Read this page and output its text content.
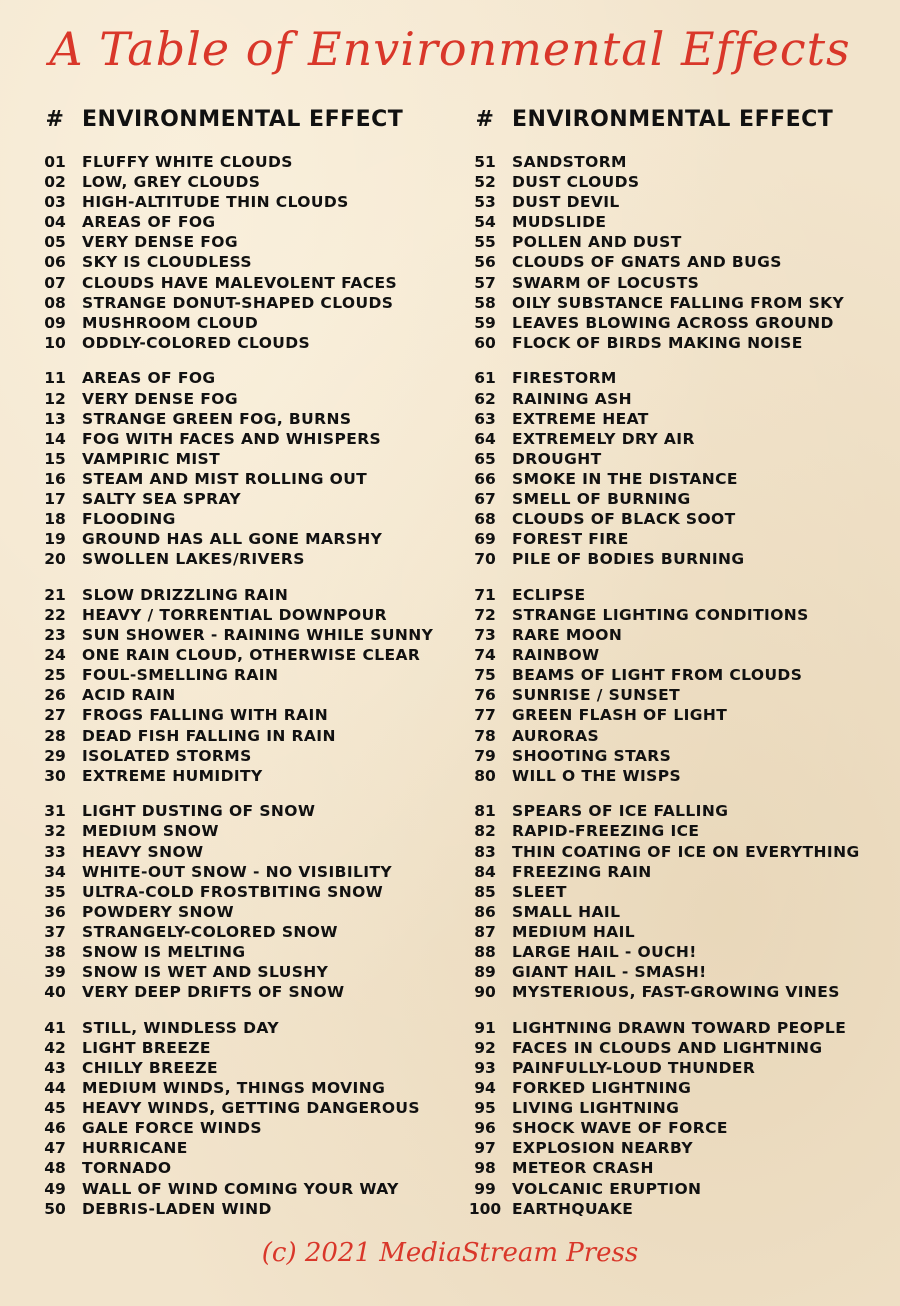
A Table of Environmental Effects
# ENVIRONMENTAL EFFECT
01	FLUFFY WHITE CLOUDS
02	LOW, GREY CLOUDS
03	HIGH-ALTITUDE THIN CLOUDS
04	AREAS OF FOG
05	VERY DENSE FOG
06	SKY IS CLOUDLESS
07	CLOUDS HAVE MALEVOLENT FACES
08	STRANGE DONUT-SHAPED CLOUDS
09	MUSHROOM CLOUD
10	ODDLY-COLORED CLOUDS
11	AREAS OF FOG
12	VERY DENSE FOG
13	STRANGE GREEN FOG, BURNS
14	FOG WITH FACES AND WHISPERS
15	VAMPIRIC MIST
16	STEAM AND MIST ROLLING OUT
17	SALTY SEA SPRAY
18	FLOODING
19	GROUND HAS ALL GONE MARSHY
20	SWOLLEN LAKES/RIVERS
21	SLOW DRIZZLING RAIN
22	HEAVY / TORRENTIAL DOWNPOUR
23	SUN SHOWER - RAINING WHILE SUNNY
24	ONE RAIN CLOUD, OTHERWISE CLEAR
25	FOUL-SMELLING RAIN
26	ACID RAIN
27	FROGS FALLING WITH RAIN
28	DEAD FISH FALLING IN RAIN
29	ISOLATED STORMS
30	EXTREME HUMIDITY
31	LIGHT DUSTING OF SNOW
32	MEDIUM SNOW
33	HEAVY SNOW
34	WHITE-OUT SNOW - NO VISIBILITY
35	ULTRA-COLD FROSTBITING SNOW
36	POWDERY SNOW
37	STRANGELY-COLORED SNOW
38	SNOW IS MELTING
39	SNOW IS WET AND SLUSHY
40	VERY DEEP DRIFTS OF SNOW
41	STILL, WINDLESS DAY
42	LIGHT BREEZE
43	CHILLY BREEZE
44	MEDIUM WINDS, THINGS MOVING
45	HEAVY WINDS, GETTING DANGEROUS
46	GALE FORCE WINDS
47	HURRICANE
48	TORNADO
49	WALL OF WIND COMING YOUR WAY
50	DEBRIS-LADEN WIND
# ENVIRONMENTAL EFFECT
51	SANDSTORM
52	DUST CLOUDS
53	DUST DEVIL
54	MUDSLIDE
55	POLLEN AND DUST
56	CLOUDS OF GNATS AND BUGS
57	SWARM OF LOCUSTS
58	OILY SUBSTANCE FALLING FROM SKY
59	LEAVES BLOWING ACROSS GROUND
60	FLOCK OF BIRDS MAKING NOISE
61	FIRESTORM
62	RAINING ASH
63	EXTREME HEAT
64	EXTREMELY DRY AIR
65	DROUGHT
66	SMOKE IN THE DISTANCE
67	SMELL OF BURNING
68	CLOUDS OF BLACK SOOT
69	FOREST FIRE
70	PILE OF BODIES BURNING
71	ECLIPSE
72	STRANGE LIGHTING CONDITIONS
73	RARE MOON
74	RAINBOW
75	BEAMS OF LIGHT FROM CLOUDS
76	SUNRISE / SUNSET
77	GREEN FLASH OF LIGHT
78	AURORAS
79	SHOOTING STARS
80	WILL O THE WISPS
81	SPEARS OF ICE FALLING
82	RAPID-FREEZING ICE
83	THIN COATING OF ICE ON EVERYTHING
84	FREEZING RAIN
85	SLEET
86	SMALL HAIL
87	MEDIUM HAIL
88	LARGE HAIL - OUCH!
89	GIANT HAIL - SMASH!
90	MYSTERIOUS, FAST-GROWING VINES
91	LIGHTNING DRAWN TOWARD PEOPLE
92	FACES IN CLOUDS AND LIGHTNING
93	PAINFULLY-LOUD THUNDER
94	FORKED LIGHTNING
95	LIVING LIGHTNING
96	SHOCK WAVE OF FORCE
97	EXPLOSION NEARBY
98	METEOR CRASH
99	VOLCANIC ERUPTION
100 EARTHQUAKE
(c) 2021 MediaStream Press
